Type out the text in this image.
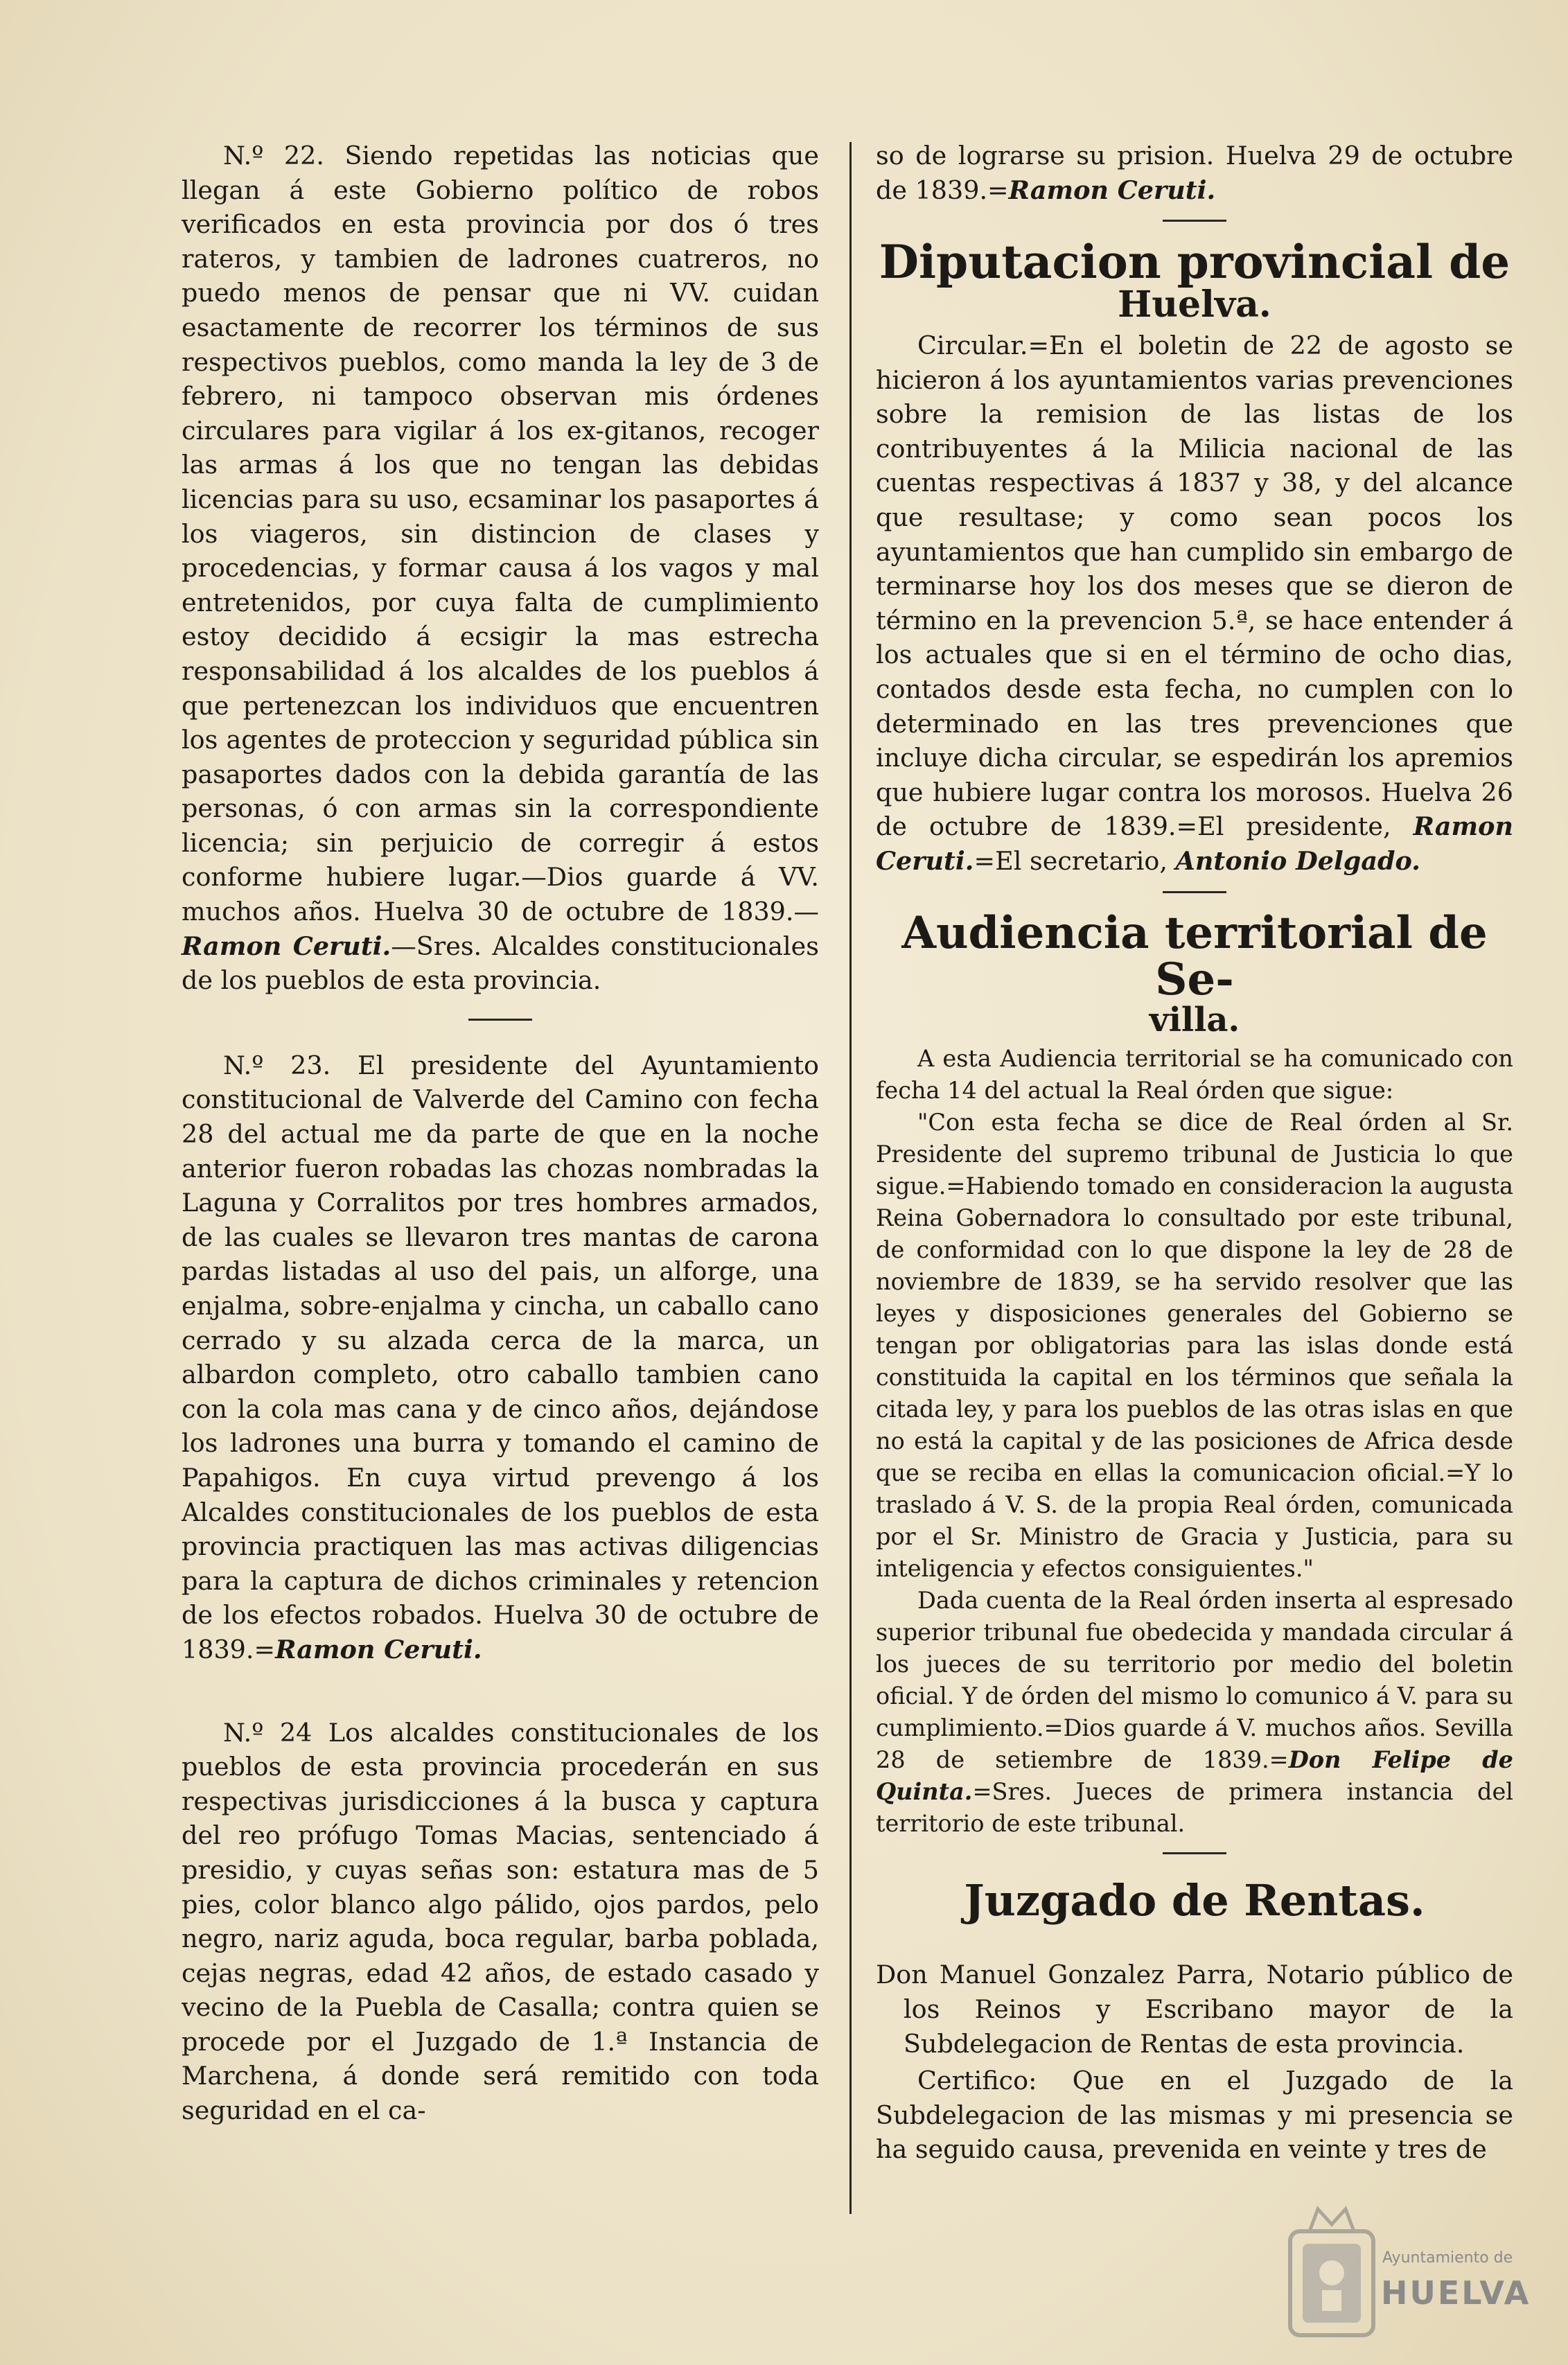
N.º 22. Siendo repetidas las noticias que llegan á este Gobierno político de robos verificados en esta provincia por dos ó tres rateros, y tambien de ladrones cuatreros, no puedo menos de pensar que ni VV. cuidan esactamente de recorrer los términos de sus respectivos pueblos, como manda la ley de 3 de febrero, ni tampoco observan mis órdenes circulares para vigilar á los ex-gitanos, recoger las armas á los que no tengan las debidas licencias para su uso, ecsaminar los pasaportes á los viageros, sin distincion de clases y procedencias, y formar causa á los vagos y mal entretenidos, por cuya falta de cumplimiento estoy decidido á ecsigir la mas estrecha responsabilidad á los alcaldes de los pueblos á que pertenezcan los individuos que encuentren los agentes de proteccion y seguridad pública sin pasaportes dados con la debida garantía de las personas, ó con armas sin la correspondiente licencia; sin perjuicio de corregir á estos conforme hubiere lugar.—Dios guarde á VV. muchos años. Huelva 30 de octubre de 1839.—Ramon Ceruti.—Sres. Alcaldes constitucionales de los pueblos de esta provincia.

N.º 23. El presidente del Ayuntamiento constitucional de Valverde del Camino con fecha 28 del actual me da parte de que en la noche anterior fueron robadas las chozas nombradas la Laguna y Corralitos por tres hombres armados, de las cuales se llevaron tres mantas de carona pardas listadas al uso del pais, un alforge, una enjalma, sobre-enjalma y cincha, un caballo cano cerrado y su alzada cerca de la marca, un albardon completo, otro caballo tambien cano con la cola mas cana y de cinco años, dejándose los ladrones una burra y tomando el camino de Papahigos. En cuya virtud prevengo á los Alcaldes constitucionales de los pueblos de esta provincia practiquen las mas activas diligencias para la captura de dichos criminales y retencion de los efectos robados. Huelva 30 de octubre de 1839.=Ramon Ceruti.

N.º 24 Los alcaldes constitucionales de los pueblos de esta provincia procederán en sus respectivas jurisdicciones á la busca y captura del reo prófugo Tomas Macias, sentenciado á presidio, y cuyas señas son: estatura mas de 5 pies, color blanco algo pálido, ojos pardos, pelo negro, nariz aguda, boca regular, barba poblada, cejas negras, edad 42 años, de estado casado y vecino de la Puebla de Casalla; contra quien se procede por el Juzgado de 1.ª Instancia de Marchena, á donde será remitido con toda seguridad en el ca-

so de lograrse su prision. Huelva 29 de octubre de 1839.=Ramon Ceruti.

Diputacion provincial de
Huelva.

Circular.=En el boletin de 22 de agosto se hicieron á los ayuntamientos varias prevenciones sobre la remision de las listas de los contribuyentes á la Milicia nacional de las cuentas respectivas á 1837 y 38, y del alcance que resultase; y como sean pocos los ayuntamientos que han cumplido sin embargo de terminarse hoy los dos meses que se dieron de término en la prevencion 5.ª, se hace entender á los actuales que si en el término de ocho dias, contados desde esta fecha, no cumplen con lo determinado en las tres prevenciones que incluye dicha circular, se espedirán los apremios que hubiere lugar contra los morosos. Huelva 26 de octubre de 1839.=El presidente, Ramon Ceruti.=El secretario, Antonio Delgado.

Audiencia territorial de Se-
villa.

A esta Audiencia territorial se ha comunicado con fecha 14 del actual la Real órden que sigue:

"Con esta fecha se dice de Real órden al Sr. Presidente del supremo tribunal de Justicia lo que sigue.=Habiendo tomado en consideracion la augusta Reina Gobernadora lo consultado por este tribunal, de conformidad con lo que dispone la ley de 28 de noviembre de 1839, se ha servido resolver que las leyes y disposiciones generales del Gobierno se tengan por obligatorias para las islas donde está constituida la capital en los términos que señala la citada ley, y para los pueblos de las otras islas en que no está la capital y de las posiciones de Africa desde que se reciba en ellas la comunicacion oficial.=Y lo traslado á V. S. de la propia Real órden, comunicada por el Sr. Ministro de Gracia y Justicia, para su inteligencia y efectos consiguientes."

Dada cuenta de la Real órden inserta al espresado superior tribunal fue obedecida y mandada circular á los jueces de su territorio por medio del boletin oficial. Y de órden del mismo lo comunico á V. para su cumplimiento.=Dios guarde á V. muchos años. Sevilla 28 de setiembre de 1839.=Don Felipe de Quinta.=Sres. Jueces de primera instancia del territorio de este tribunal.

Juzgado de Rentas.

Don Manuel Gonzalez Parra, Notario público de los Reinos y Escribano mayor de la Subdelegacion de Rentas de esta provincia.

Certifico: Que en el Juzgado de la Subdelegacion de las mismas y mi presencia se ha seguido causa, prevenida en veinte y tres de

Ayuntamiento de
HUELVA
